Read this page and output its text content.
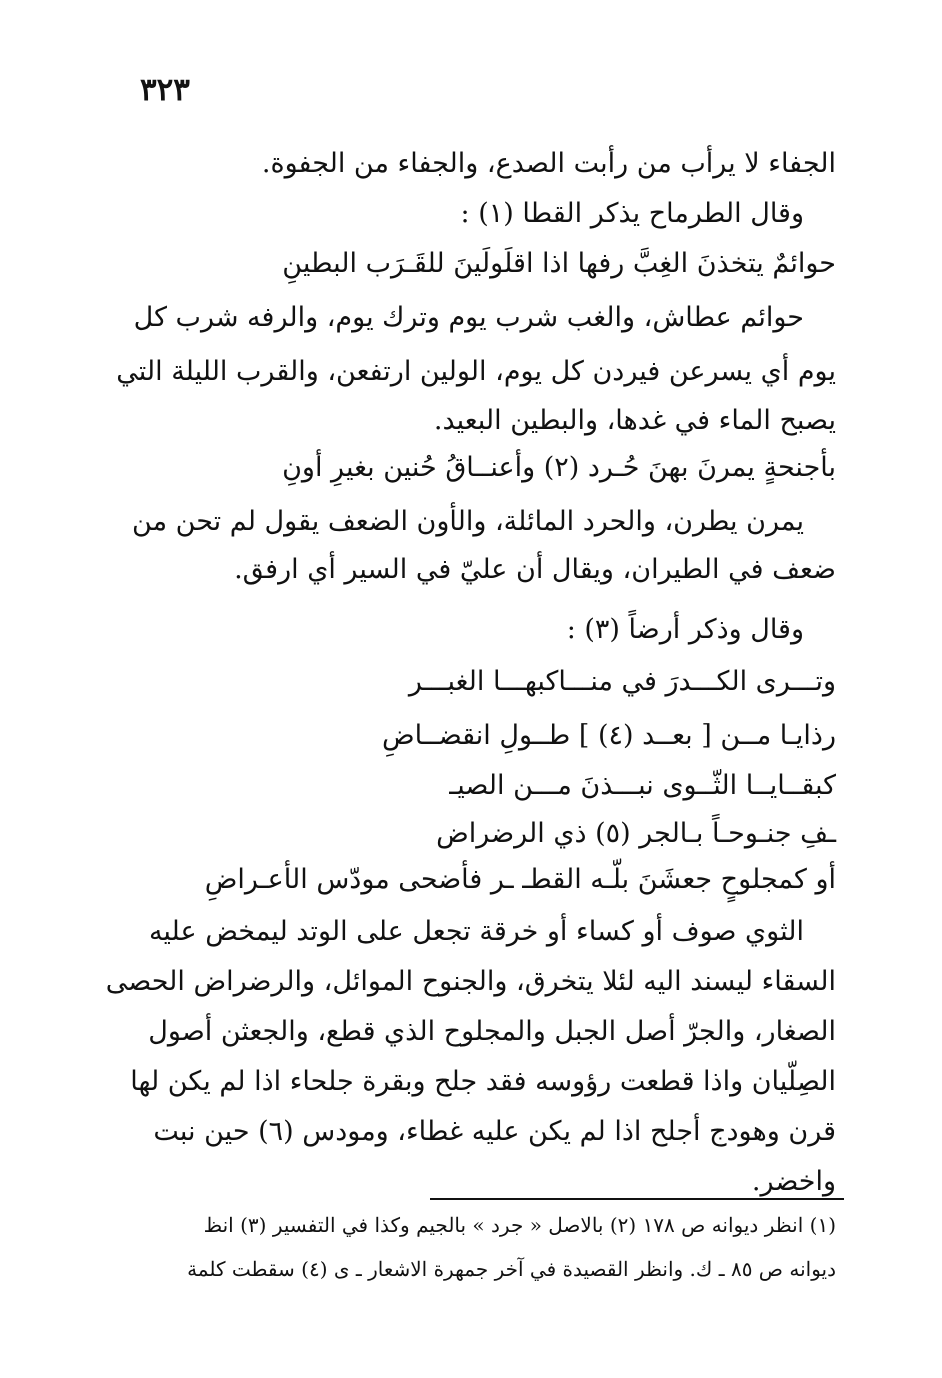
٣٢٣
الجفاء لا يرأب من رأبت الصدع، والجفاء من الجفوة.
وقال الطرماح يذكر القطا (١) :
حوائمٌ يتخذنَ الغِبَّ رفها اذا اقلَولَينَ للقَـرَب البطينِ
حوائم عطاش، والغب شرب يوم وترك يوم، والرفه شرب كل
يوم أي يسرعن فيردن كل يوم، الولين ارتفعن، والقرب الليلة التي
يصبح الماء في غدها، والبطين البعيد.
بأجنحةٍ يمرنَ بهنَ حُـرد (٢) وأعنــاقُ حُنين بغيرِ أونِ
يمرن يطرن، والحرد المائلة، والأون الضعف يقول لم تحن من
ضعف في الطيران، ويقال أن عليّ في السير أي ارفق.
وقال وذكر أرضاً (٣) :
وتـــرى الكـــدرَ في منـــاكبهـــا الغبـــر
رذايـا مــن [ بعــد (٤) ] طــولِ انقضــاضِ
كبقــايــا الثّــوى نبـــذنَ مـــن الصيـ
ـفِ جنـوحـاً بـالجر (٥) ذي الرضراض
أو كمجلوحٍ جعشَنَ بلّـه القطـ ـر فأضحى مودّس الأعـراضِ
الثوي صوف أو كساء أو خرقة تجعل على الوتد ليمخض عليه
السقاء ليسند اليه لئلا يتخرق، والجنوح الموائل، والرضراض الحصى
الصغار، والجرّ أصل الجبل والمجلوح الذي قطع، والجعثن أصول
الصِلّيان واذا قطعت رؤوسه فقد جلح وبقرة جلحاء اذا لم يكن لها
قرن وهودج أجلح اذا لم يكن عليه غطاء، ومودس (٦) حين نبت
واخضر.
(١) انظر ديوانه ص ١٧٨ (٢) بالاصل « جرد » بالجيم وكذا في التفسير (٣) انظ
ديوانه ص ٨٥ ـ ك. وانظر القصيدة في آخر جمهرة الاشعار ـ ى (٤) سقطت كلمة
